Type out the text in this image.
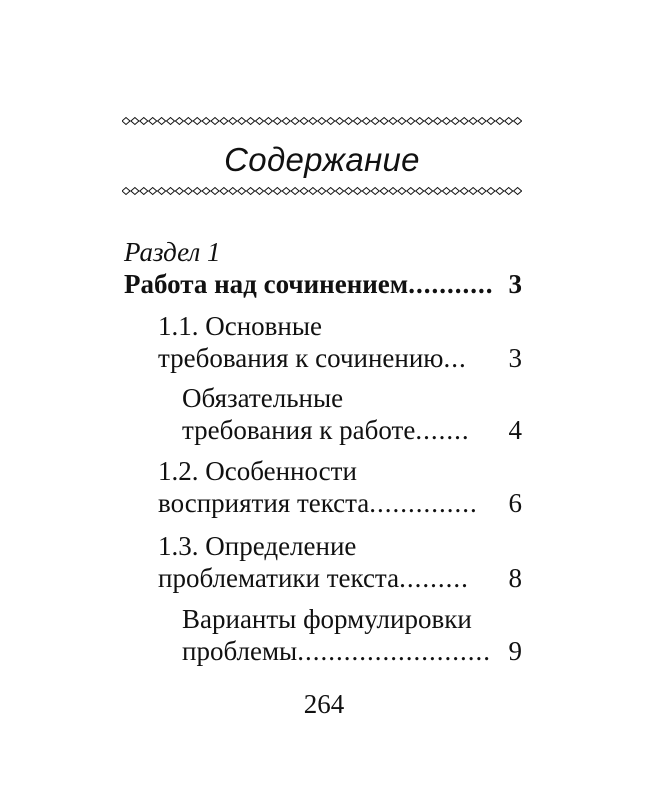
Содержание
Раздел 1
Работа над сочинением ........... 3
1.1. Основные
требования к сочинению ...	3
Обязательные
требования к работе .......	4
1.2. Особенности
восприятия текста ..............	6
1.3. Определение
проблематики текста .........	8
Варианты формулировки
проблемы ......................... 9
264
